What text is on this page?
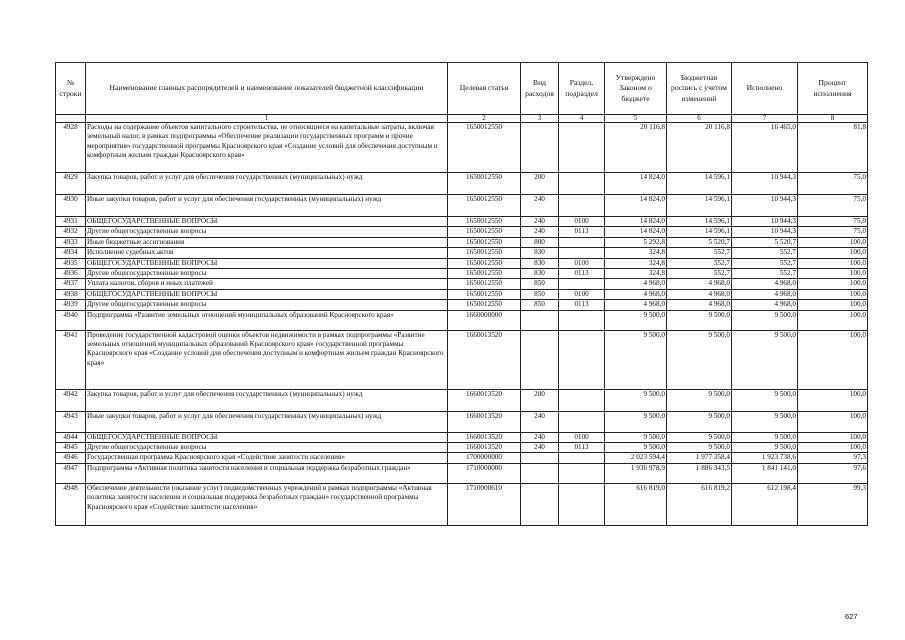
№ строки	Наименование главных распорядителей и наименование показателей бюджетной классификации	Целевая статья	Вид расходов	Раздел, подраздел	Утверждено Законом о бюджете	Бюджетная роспись с учетом изменений	Исполнено	Процент исполнения
	1	2	3	4	5	6	7	8
4928	Расходы на содержание объектов капитального строительства, не относящиеся на капитальные затраты, включая земельный налог, в рамках подпрограммы «Обеспечение реализации государственных программ и прочие мероприятия» государственной программы Красноярского края «Создание условий для обеспечения доступным и комфортным жильем граждан Красноярского края»	1650012550			20 116,8	20 116,8	16 465,0	81,8
4929	Закупка товаров, работ и услуг для обеспечения государственных (муниципальных) нужд	1650012550	200		14 824,0	14 596,1	10 944,3	75,0
4930	Иные закупки товаров, работ и услуг для обеспечения государственных (муниципальных) нужд	1650012550	240		14 824,0	14 596,1	10 944,3	75,0
4931	ОБЩЕГОСУДАРСТВЕННЫЕ ВОПРОСЫ	1650012550	240	0100	14 824,0	14 596,1	10 944,3	75,0
4932	Другие общегосударственные вопросы	1650012550	240	0113	14 824,0	14 596,1	10 944,3	75,0
4933	Иные бюджетные ассигнования	1650012550	800		5 292,8	5 520,7	5 520,7	100,0
4934	Исполнение судебных актов	1650012550	830		324,8	552,7	552,7	100,0
4935	ОБЩЕГОСУДАРСТВЕННЫЕ ВОПРОСЫ	1650012550	830	0100	324,8	552,7	552,7	100,0
4936	Другие общегосударственные вопросы	1650012550	830	0113	324,8	552,7	552,7	100,0
4937	Уплата налогов, сборов и иных платежей	1650012550	850		4 968,0	4 968,0	4 968,0	100,0
4938	ОБЩЕГОСУДАРСТВЕННЫЕ ВОПРОСЫ	1650012550	850	0100	4 968,0	4 968,0	4 968,0	100,0
4939	Другие общегосударственные вопросы	1650012550	850	0113	4 968,0	4 968,0	4 968,0	100,0
4940	Подпрограмма «Развитие земельных отношений муниципальных образований Красноярского края»	1660000000			9 500,0	9 500,0	9 500,0	100,0
4941	Проведение государственной кадастровой оценки объектов недвижимости в рамках подпрограммы «Развитие земельных отношений муниципальных образований Красноярского края» государственной программы Красноярского края «Создание условий для обеспечения доступным и комфортным жильем граждан Красноярского края»	1660013520			9 500,0	9 500,0	9 500,0	100,0
4942	Закупка товаров, работ и услуг для обеспечения государственных (муниципальных) нужд	1660013520	200		9 500,0	9 500,0	9 500,0	100,0
4943	Иные закупки товаров, работ и услуг для обеспечения государственных (муниципальных) нужд	1660013520	240		9 500,0	9 500,0	9 500,0	100,0
4944	ОБЩЕГОСУДАРСТВЕННЫЕ ВОПРОСЫ	1660013520	240	0100	9 500,0	9 500,0	9 500,0	100,0
4945	Другие общегосударственные вопросы	1660013520	240	0113	9 500,0	9 500,0	9 500,0	100,0
4946	Государственная программа Красноярского края «Содействие занятости населения»	1700000000			2 023 594,4	1 977 358,4	1 923 738,6	97,3
4947	Подпрограмма «Активная политика занятости населения и социальная поддержка безработных граждан»	1710000000			1 936 978,9	1 886 343,5	1 841 141,0	97,6
4948	Обеспечение деятельности (оказание услуг) подведомственных учреждений в рамках подпрограммы «Активная политика занятости населения и социальная поддержка безработных граждан» государственной программы Красноярского края «Содействие занятости населения»	1710000610			616 819,0	616 819,2	612 198,4	99,3
627
